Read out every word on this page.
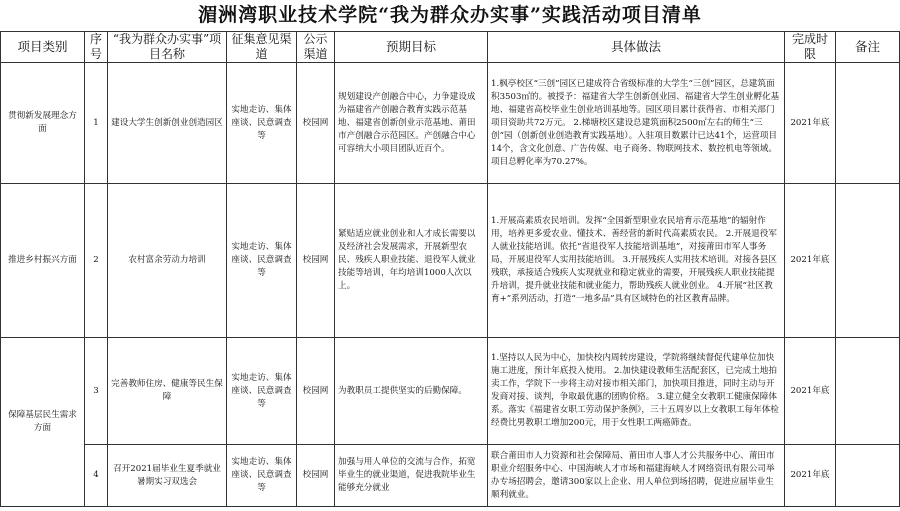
湄洲湾职业技术学院“我为群众办实事”实践活动项目清单
项目类别	序号	“我为群众办实事”项目名称	征集意见渠道	公示渠道	预期目标	具体做法	完成时限	备注
贯彻新发展理念方面	1	建设大学生创新创业创造园区	实地走访、集体座谈、民意调查等	校园网	规划建设产创融合中心，力争建设成为福建省产创融合教育实践示范基地、福建省创新创业示范基地、莆田市产创融合示范园区。产创融合中心可容纳大小项目团队近百个。	1.枫亭校区“三创”园区已建成符合省级标准的大学生“三创”园区，总建筑面积3503㎡的。被授予：福建省大学生创新创业园、福建省大学生创业孵化基地、福建省高校毕业生创业培训基地等。园区项目累计获得省、市相关部门项目资助共72万元。 2.梯塘校区建设总建筑面积2500㎡左右的师生“三创”园（创新创业创造教育实践基地）。入驻项目数累计已达41个，运营项目14个，含文化创意、广告传媒、电子商务、物联网技术、数控机电等领域。项目总孵化率为70.27%。	2021年底	
推进乡村振兴方面	2	农村富余劳动力培训	实地走访、集体座谈、民意调查等	校园网	紧贴适应就业创业和人才成长需要以及经济社会发展需求，开展新型农民、残疾人职业技能、退役军人就业技能等培训，年均培训1000人次以上。	1.开展高素质农民培训。发挥“全国新型职业农民培育示范基地”的辐射作用，培养更多爱农业、懂技术、善经营的新时代高素质农民。 2.开展退役军人就业技能培训。依托“省退役军人技能培训基地”，对接莆田市军人事务局，开展退役军人实用技能培训。 3.开展残疾人实用技术培训。对接各县区残联，承接适合残疾人实现就业和稳定就业的需要，开展残疾人职业技能提升培训，提升就业技能和就业能力，帮助残疾人就业创业。 4.开展“社区教育+”系列活动，打造“一地多品”具有区域特色的社区教育品牌。	2021年底	
保障基层民生需求方面	3	完善教师住房、健康等民生保障	实地走访、集体座谈、民意调查等	校园网	为教职员工提供坚实的后勤保障。	1.坚持以人民为中心，加快校内周转房建设，学院将继续督促代建单位加快施工进度，预计年底投入使用。 2.加快建设教师生活配套区，已完成土地拍卖工作，学院下一步将主动对接市相关部门，加快项目推进，同时主动与开发商对接、谈判，争取最优惠的团购价格。 3.建立健全女教职工健康保障体系。落实《福建省女职工劳动保护条例》，三十五周岁以上女教职工每年体检经费比男教职工增加200元，用于女性职工两癌筛查。	2021年底	
	4	召开2021届毕业生夏季就业暑期实习双选会	实地走访、集体座谈、民意调查等	校园网	加强与用人单位的交流与合作，拓宽毕业生的就业渠道，促进我院毕业生能够充分就业	联合莆田市人力资源和社会保障局、莆田市人事人才公共服务中心、莆田市职业介绍服务中心、中国海峡人才市场和福建海峡人才网络资讯有限公司举办专场招聘会，邀请300家以上企业、用人单位到场招聘，促进应届毕业生顺利就业。	2021年底	
